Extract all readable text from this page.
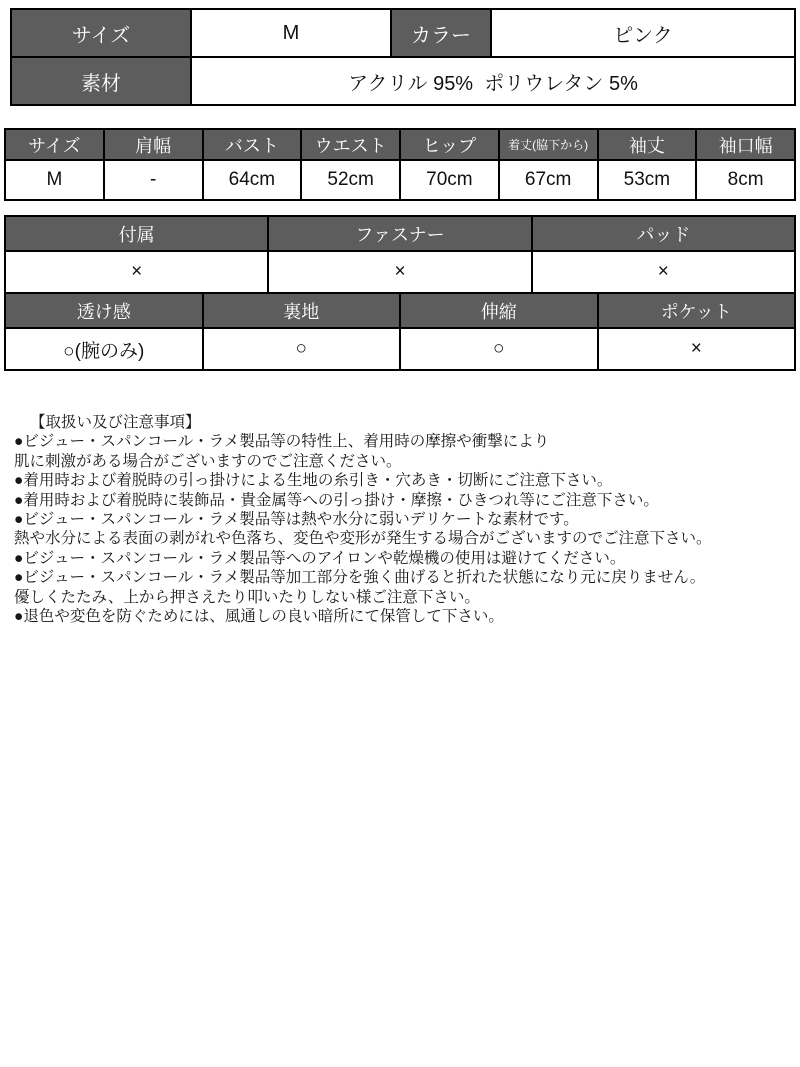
サイズ	M	カラー	ピンク
素材	アクリル 95%  ポリウレタン 5%		
サイズ	肩幅	バスト	ウエスト	ヒップ	着丈(脇下から)	袖丈	袖口幅
M	-	64cm	52cm	70cm	67cm	53cm	8cm
付属	ファスナー	パッド
×	×	×
透け感	裏地	伸縮	ポケット
○(腕のみ)	○	○	×
【取扱い及び注意事項】
●ビジュー・スパンコール・ラメ製品等の特性上、着用時の摩擦や衝撃により
肌に刺激がある場合がございますのでご注意ください。
●着用時および着脱時の引っ掛けによる生地の糸引き・穴あき・切断にご注意下さい。
●着用時および着脱時に装飾品・貴金属等への引っ掛け・摩擦・ひきつれ等にご注意下さい。
●ビジュー・スパンコール・ラメ製品等は熱や水分に弱いデリケートな素材です。
熱や水分による表面の剥がれや色落ち、変色や変形が発生する場合がございますのでご注意下さい。
●ビジュー・スパンコール・ラメ製品等へのアイロンや乾燥機の使用は避けてください。
●ビジュー・スパンコール・ラメ製品等加工部分を強く曲げると折れた状態になり元に戻りません。
優しくたたみ、上から押さえたり叩いたりしない様ご注意下さい。
●退色や変色を防ぐためには、風通しの良い暗所にて保管して下さい。
